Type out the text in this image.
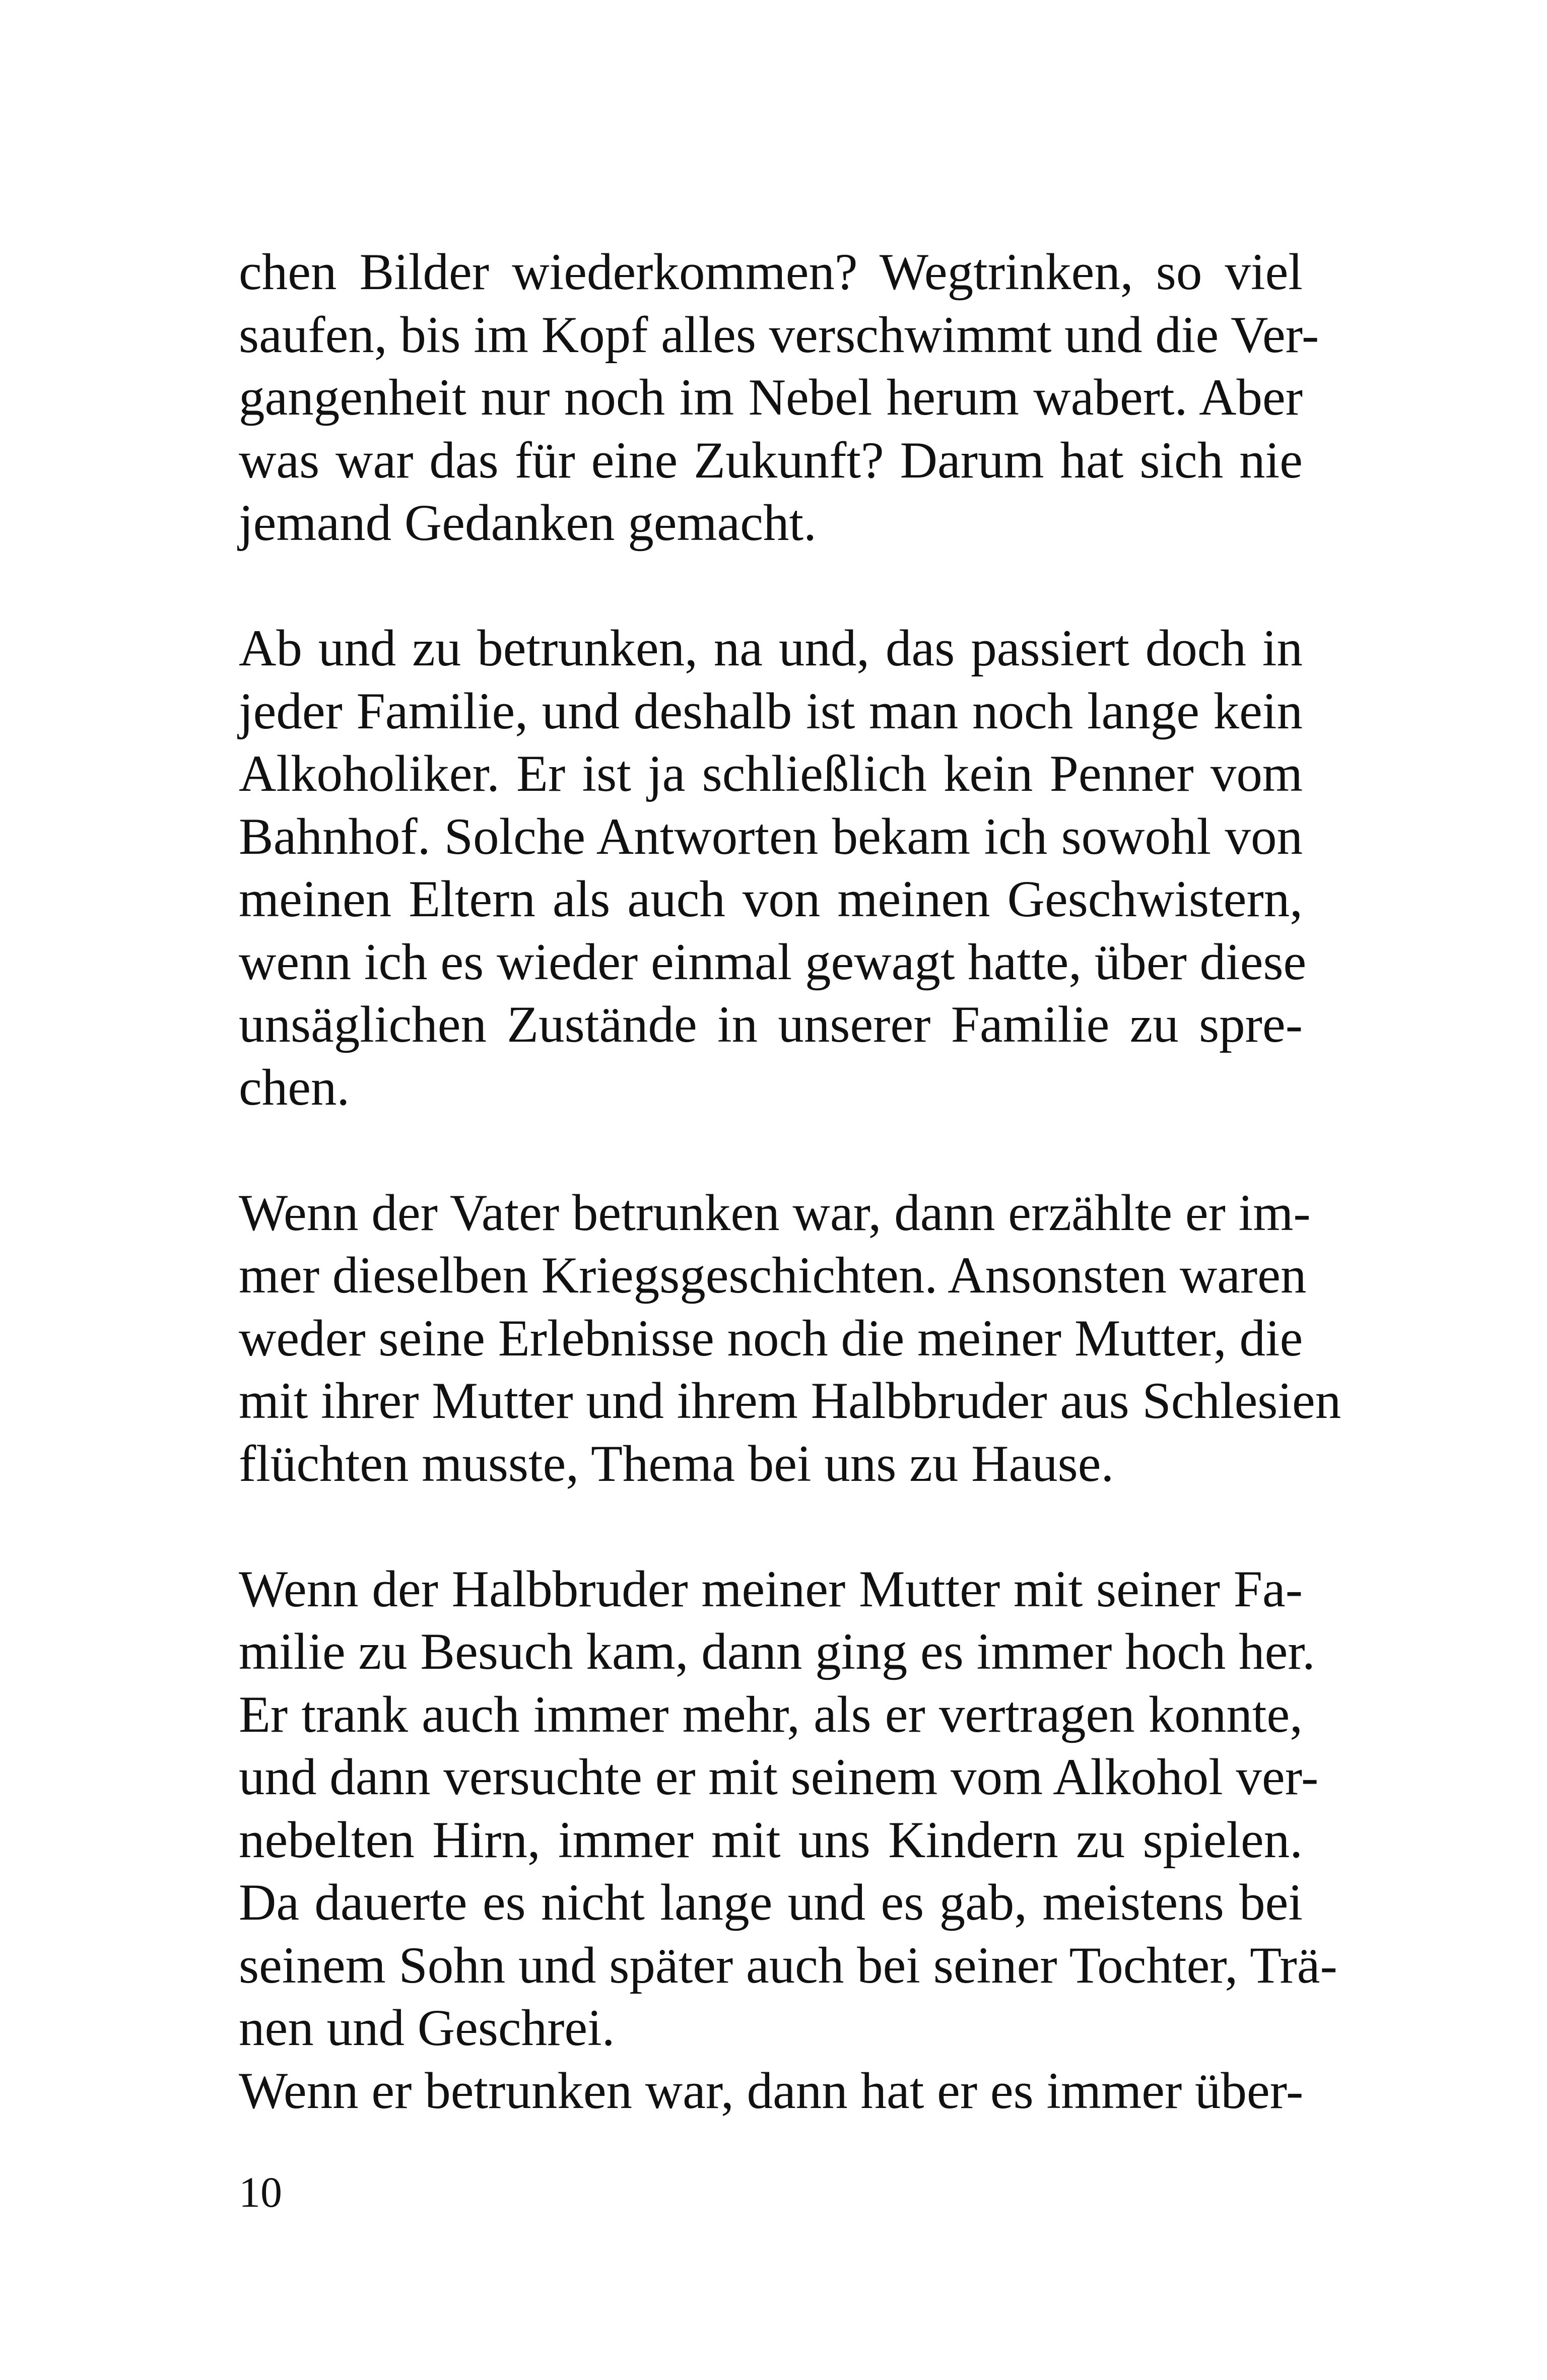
chen Bilder wiederkommen? Wegtrinken, so viel
saufen, bis im Kopf alles verschwimmt und die Ver-
gangenheit nur noch im Nebel herum wabert. Aber
was war das für eine Zukunft? Darum hat sich nie
jemand Gedanken gemacht.
Ab und zu betrunken, na und, das passiert doch in
jeder Familie, und deshalb ist man noch lange kein
Alkoholiker. Er ist ja schließlich kein Penner vom
Bahnhof. Solche Antworten bekam ich sowohl von
meinen Eltern als auch von meinen Geschwistern,
wenn ich es wieder einmal gewagt hatte, über diese
unsäglichen Zustände in unserer Familie zu spre-
chen.
Wenn der Vater betrunken war, dann erzählte er im-
mer dieselben Kriegsgeschichten. Ansonsten waren
weder seine Erlebnisse noch die meiner Mutter, die
mit ihrer Mutter und ihrem Halbbruder aus Schlesien
flüchten musste, Thema bei uns zu Hause.
Wenn der Halbbruder meiner Mutter mit seiner Fa-
milie zu Besuch kam, dann ging es immer hoch her.
Er trank auch immer mehr, als er vertragen konnte,
und dann versuchte er mit seinem vom Alkohol ver-
nebelten Hirn, immer mit uns Kindern zu spielen.
Da dauerte es nicht lange und es gab, meistens bei
seinem Sohn und später auch bei seiner Tochter, Trä-
nen und Geschrei.
Wenn er betrunken war, dann hat er es immer über-
10
